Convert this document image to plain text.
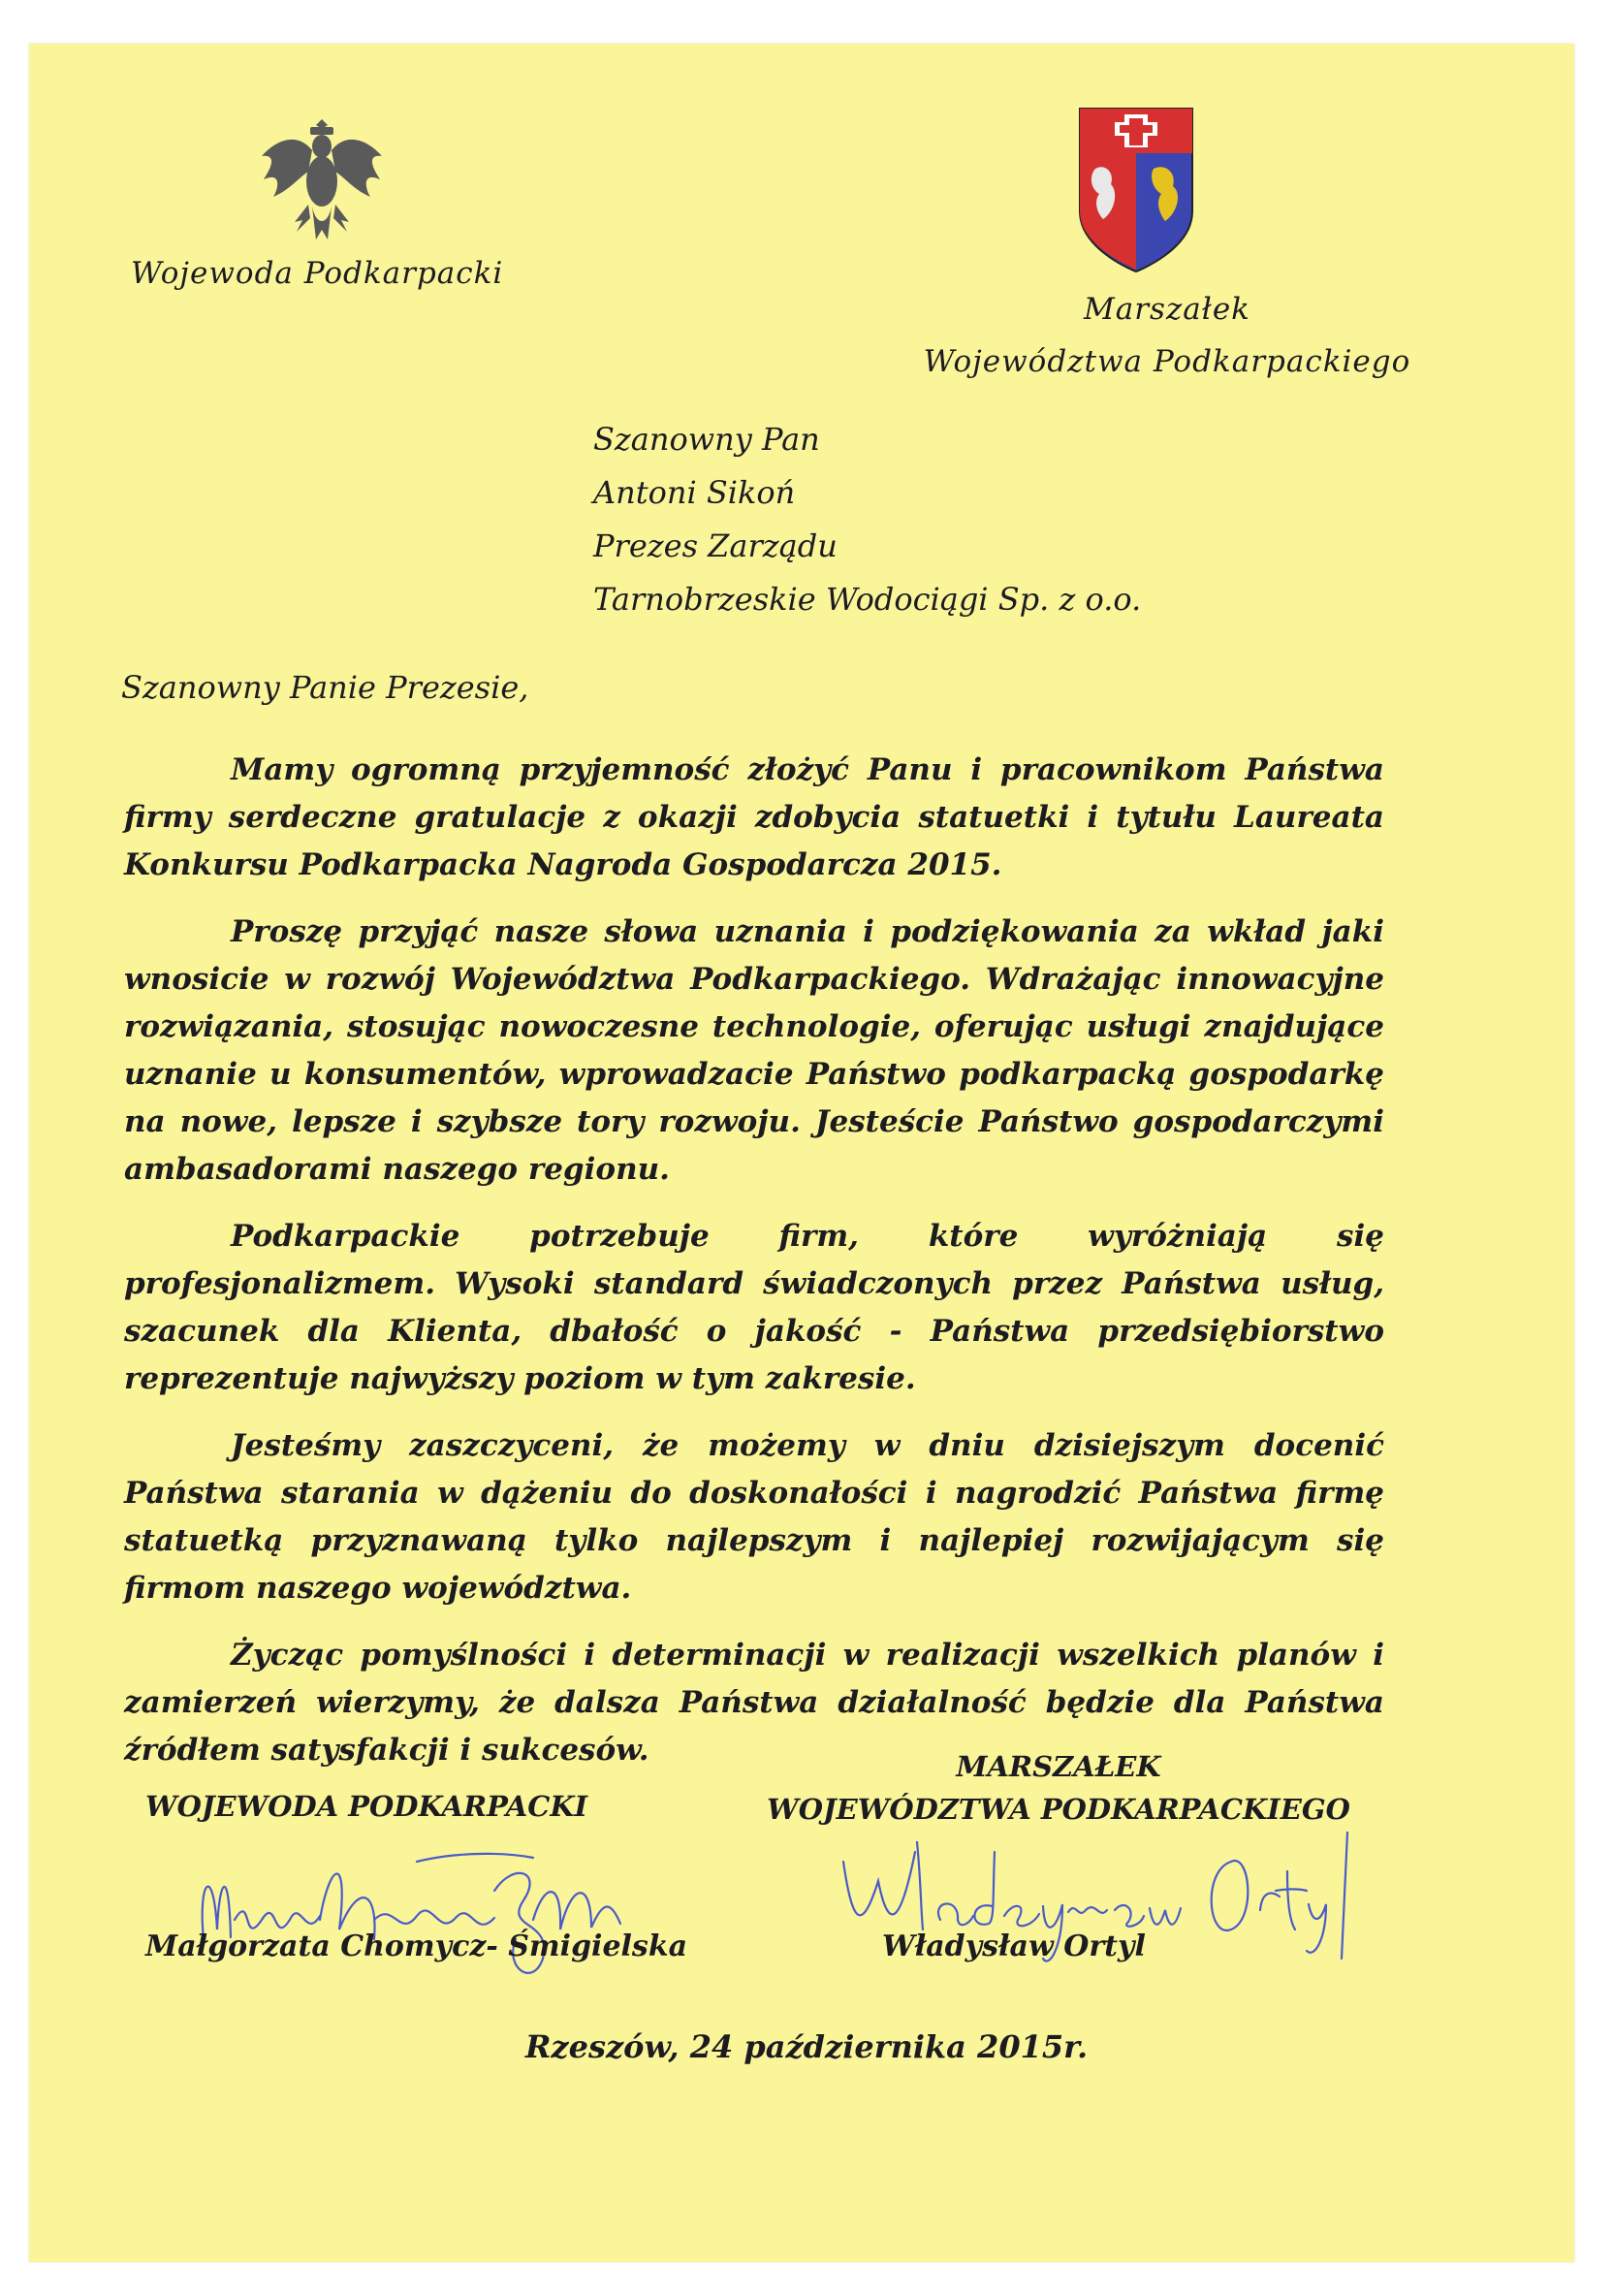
Wojewoda Podkarpacki
Marszałek
Województwa Podkarpackiego
Szanowny Pan
Antoni Sikoń
Prezes Zarządu
Tarnobrzeskie Wodociągi Sp. z o.o.
Szanowny Panie Prezesie,

Mamy ogromną przyjemność złożyć Panu i pracownikom Państwa firmy serdeczne gratulacje z okazji zdobycia statuetki i tytułu Laureata Konkursu Podkarpacka Nagroda Gospodarcza 2015.

Proszę przyjąć nasze słowa uznania i podziękowania za wkład jaki wnosicie w rozwój Województwa Podkarpackiego. Wdrażając innowacyjne rozwiązania, stosując nowoczesne technologie, oferując usługi znajdujące uznanie u konsumentów, wprowadzacie Państwo podkarpacką gospodarkę na nowe, lepsze i szybsze tory rozwoju. Jesteście Państwo gospodarczymi ambasadorami naszego regionu.

Podkarpackie potrzebuje firm, które wyróżniają się profesjonalizmem. Wysoki standard świadczonych przez Państwa usług, szacunek dla Klienta, dbałość o jakość - Państwa przedsiębiorstwo reprezentuje najwyższy poziom w tym zakresie.

Jesteśmy zaszczyceni, że możemy w dniu dzisiejszym docenić Państwa starania w dążeniu do doskonałości i nagrodzić Państwa firmę statuetką przyznawaną tylko najlepszym i najlepiej rozwijającym się firmom naszego województwa.

Życząc pomyślności i determinacji w realizacji wszelkich planów i zamierzeń wierzymy, że dalsza Państwa działalność będzie dla Państwa źródłem satysfakcji i sukcesów.

WOJEWODA PODKARPACKI
MARSZAŁEK
WOJEWÓDZTWA PODKARPACKIEGO
Małgorzata Chomycz- Śmigielska	Władysław Ortyl
Rzeszów, 24 października 2015r.
